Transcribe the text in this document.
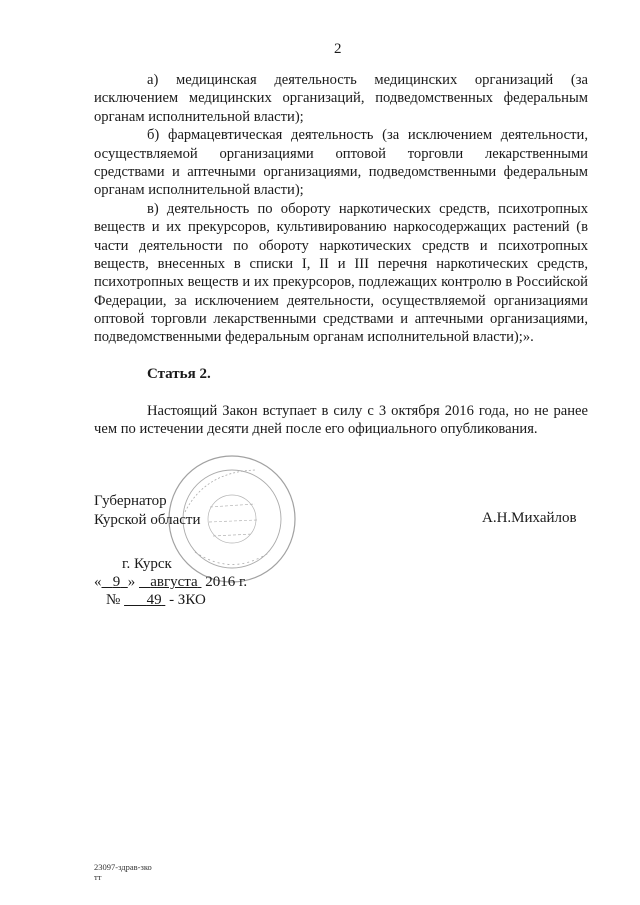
2

а) медицинская деятельность медицинских организаций (за исключением медицинских организаций, подведомственных федеральным органам исполнительной власти);

б) фармацевтическая деятельность (за исключением деятельности, осуществляемой организациями оптовой торговли лекарственными средствами и аптечными организациями, подведомственными федеральным органам исполнительной власти);

в) деятельность по обороту наркотических средств, психотропных веществ и их прекурсоров, культивированию наркосодержащих растений (в части деятельности по обороту наркотических средств и психотропных веществ, внесенных в списки I, II и III перечня наркотических средств, психотропных веществ и их прекурсоров, подлежащих контролю в Российской Федерации, за исключением деятельности, осуществляемой организациями оптовой торговли лекарственными средствами и аптечными организациями, подведомственными федеральным органам исполнительной власти);».

Статья 2.

Настоящий Закон вступает в силу с 3 октября 2016 года, но не ранее чем по истечении десяти дней после его официального опубликования.

Губернатор
Курской области	А.Н.Михайлов
г. Курск
« 9 » августа 2016 г.
№ 49 - ЗКО
23097-здрав-зко
тт
